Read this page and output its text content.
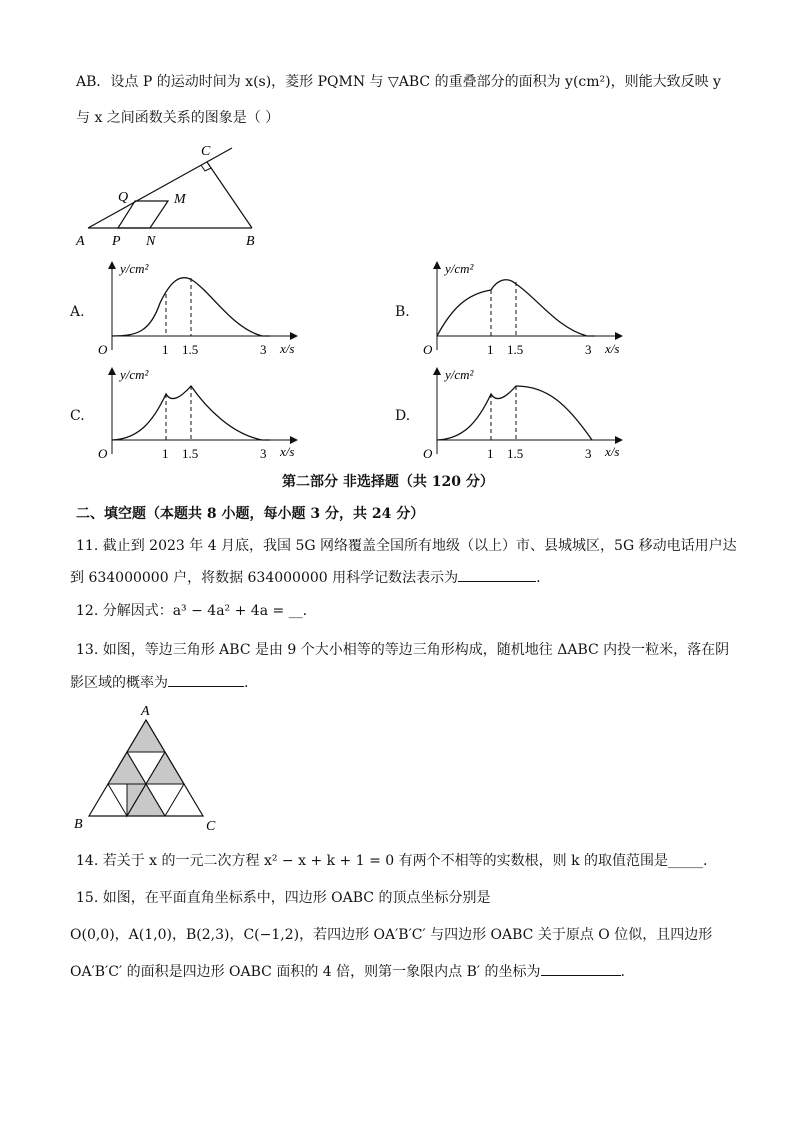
AB．设点 P 的运动时间为 x(s)，菱形 PQMN 与 ▽ABC 的重叠部分的面积为 y(cm²)，则能大致反映 y
与 x 之间函数关系的图象是（ ）
C
Q	M
A P N	B
A.
y/cm²
x/s
O	1 1.5	3
B.
y/cm²
x/s
O	1 1.5	3
C.
y/cm²
x/s
O	1 1.5	3
D.
y/cm²
x/s
O	1 1.5	3
第二部分 非选择题（共 120 分）
二、填空题（本题共 8 小题，每小题 3 分，共 24 分）
11. 截止到 2023 年 4 月底，我国 5G 网络覆盖全国所有地级（以上）市、县城城区，5G 移动电话用户达
到 634000000 户，将数据 634000000 用科学记数法表示为	.
12. 分解因式：a³ − 4a² + 4a = __.
13. 如图，等边三角形 ABC 是由 9 个大小相等的等边三角形构成，随机地往 ΔABC 内投一粒米，落在阴
影区域的概率为	.
A
B	C
14. 若关于 x 的一元二次方程 x² − x + k + 1 = 0 有两个不相等的实数根，则 k 的取值范围是_____.
15. 如图，在平面直角坐标系中，四边形 OABC 的顶点坐标分别是
O(0,0)，A(1,0)，B(2,3)，C(−1,2)，若四边形 OA′B′C′ 与四边形 OABC 关于原点 O 位似，且四边形
OA′B′C′ 的面积是四边形 OABC 面积的 4 倍，则第一象限内点 B′ 的坐标为	.
